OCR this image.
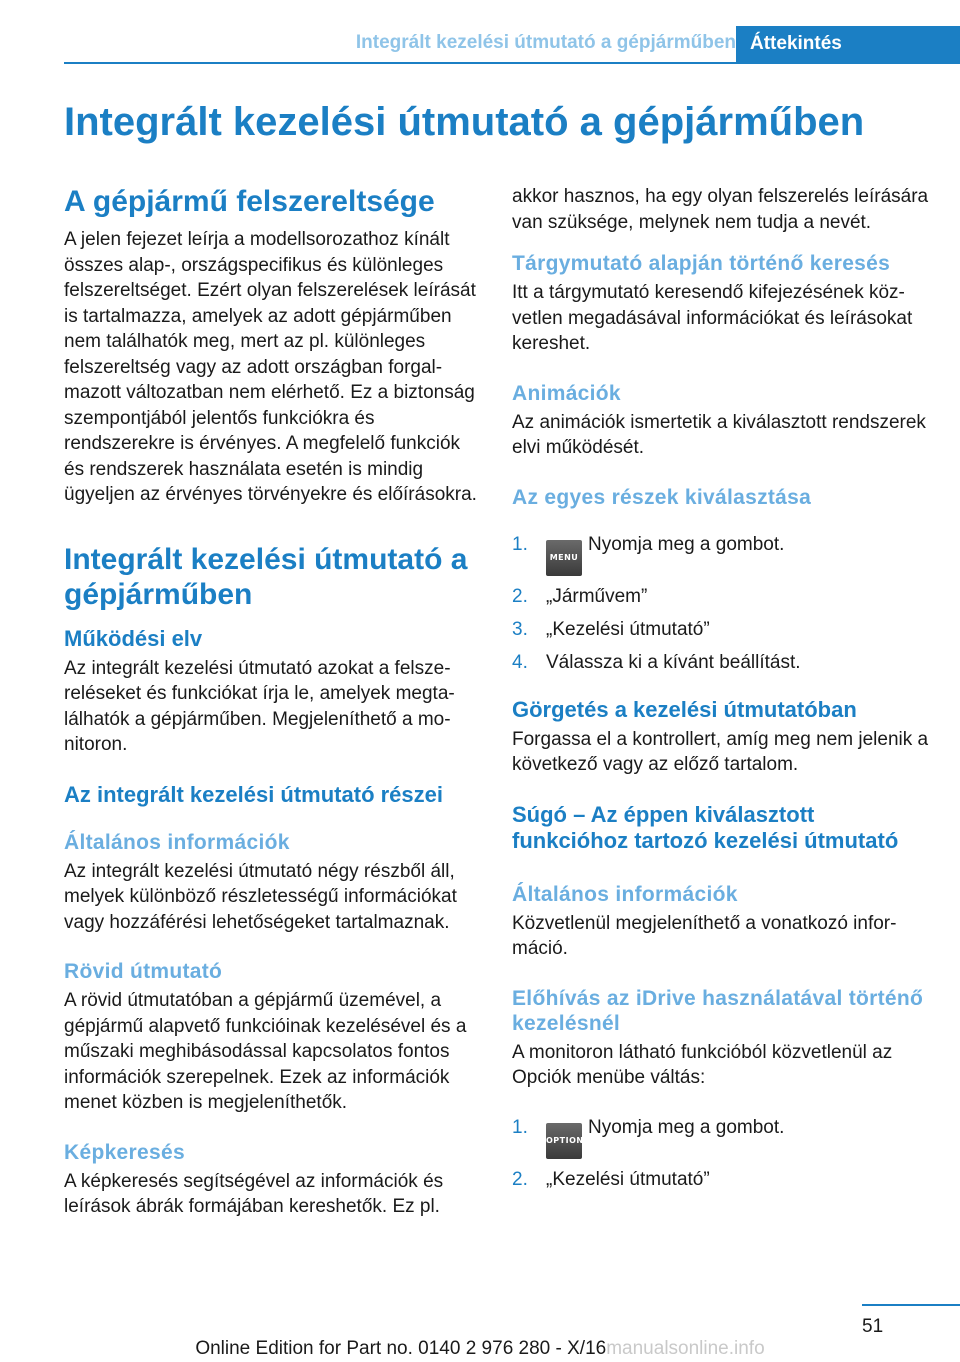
Integrált kezelési útmutató a gépjárműben Áttekintés
Integrált kezelési útmutató a gépjárműben
A gépjármű felszereltsége

A jelen fejezet leírja a modellsorozathoz kínált összes alap-, országspecifikus és különleges felszereltséget. Ezért olyan felszerelések leírását is tartalmazza, amelyek az adott gépjárműben nem találhatók meg, mert az pl. különleges felszereltség vagy az adott országban forgalmazott változatban nem elérhető. Ez a biztonság szempontjából jelentős funkciókra és rendszerekre is érvényes. A megfelelő funkciók és rendszerek használata esetén is mindig ügyeljen az érvényes törvényekre és előírásokra.

Integrált kezelési útmutató a gépjárműben
Működési elv

Az integrált kezelési útmutató azokat a felszereléseket és funkciókat írja le, amelyek megtalálhatók a gépjárműben. Megjeleníthető a monitoron.

Az integrált kezelési útmutató részei
Általános információk

Az integrált kezelési útmutató négy részből áll, melyek különböző részletességű információkat vagy hozzáférési lehetőségeket tartalmaznak.

Rövid útmutató

A rövid útmutatóban a gépjármű üzemével, a gépjármű alapvető funkcióinak kezelésével és a műszaki meghibásodással kapcsolatos fontos információk szerepelnek. Ezek az információk menet közben is megjeleníthetők.

Képkeresés

A képkeresés segítségével az információk és leírások ábrák formájában kereshetők. Ez pl.

akkor hasznos, ha egy olyan felszerelés leírására van szüksége, melynek nem tudja a nevét.

Tárgymutató alapján történő keresés

Itt a tárgymutató keresendő kifejezésének közvetlen megadásával információkat és leírásokat kereshet.

Animációk

Az animációk ismertetik a kiválasztott rendszerek elvi működését.

Az egyes részek kiválasztása
1.
MENUNyomja meg a gombot.
2. „Járművem”
3. „Kezelési útmutató”
4. Válassza ki a kívánt beállítást.
Görgetés a kezelési útmutatóban

Forgassa el a kontrollert, amíg meg nem jelenik a következő vagy az előző tartalom.

Súgó – Az éppen kiválasztott funkcióhoz tartozó kezelési útmutató
Általános információk

Közvetlenül megjeleníthető a vonatkozó információ.

Előhívás az iDrive használatával történő kezelésnél

A monitoron látható funkcióból közvetlenül az Opciók menübe váltás:

1.
OPTIONNyomja meg a gombot.
2. „Kezelési útmutató”
51
Online Edition for Part no. 0140 2 976 280 - X/16manualsonline.info
